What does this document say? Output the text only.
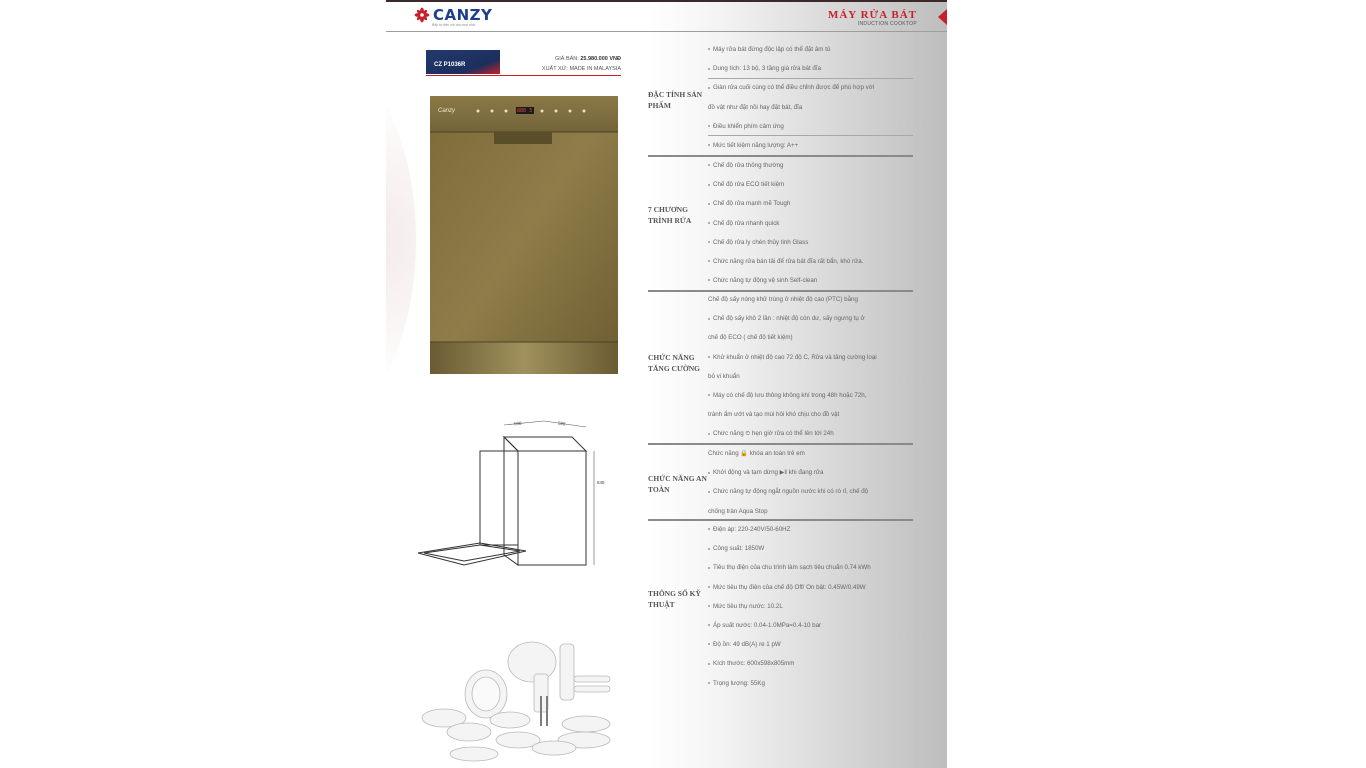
CANZY
Bếp từ tiện ích cho mọi nhà
MÁY RỬA BÁT
INDUCTION COOKTOP
CZ P1036R
GIÁ BÁN: 25.980.000 VNĐ
XUẤT XỨ: MADE IN MALAYSIA
Canzy	888 3
598	598
845
ĐẶC TÍNH SẢN PHẨM
Máy rửa bát đứng độc lập có thể đặt âm tủ
Dung tích: 13 bộ, 3 tầng giá rửa bát đĩa
Giàn rửa cuối cùng có thể điều chỉnh được để phù hợp với
đồ vật như đặt nồi hay đặt bát, đĩa
Điều khiển phím cảm ứng
Mức tiết kiệm năng lượng: A++
7 CHƯƠNG TRÌNH RỬA
Chế độ rửa thông thường
Chế độ rửa ECO tiết kiệm
Chế độ rửa mạnh mẽ Tough
Chế độ rửa nhanh quick
Chế độ rửa ly chén thủy tinh Glass
Chức năng rửa bán tải để rửa bát đĩa rất bẩn, khó rửa.
Chức năng tự động vệ sinh Self-clean
CHỨC NĂNG TĂNG CƯỜNG
Chế độ sấy nóng khử trùng ở nhiệt độ cao (PTC) bằng
Chế độ sấy khô 2 lần : nhiệt độ còn dư, sấy ngưng tụ ở
chế độ ECO ( chế độ tiết kiệm)
Khử khuẩn ở nhiệt độ cao 72 độ C, Rửa và tăng cường loại
bỏ vi khuẩn
Máy có chế độ lưu thông không khí trong 48h hoặc 72h,
tránh ẩm ướt và tạo mùi hôi khó chịu cho đồ vật
Chức năng ⏲ hẹn giờ rửa có thể lên tới 24h
CHỨC NĂNG AN TOÀN
Chức năng 🔒 khóa an toàn trẻ em
Khởi động và tạm dừng ▶‖ khi đang rửa
Chức năng tự động ngắt nguồn nước khi có rò rỉ, chế độ
chống tràn Aqua Stop
THÔNG SỐ KỸ THUẬT
Điện áp: 220-240V/50-60HZ
Công suất: 1850W
Tiêu thụ điện của chu trình làm sạch tiêu chuẩn 0.74 kWh
Mức tiêu thụ điện của chế độ Off/ On bật: 0.45W/0.49W
Mức tiêu thụ nước: 10.2L
Áp suất nước: 0.04-1.0MPa=0.4-10 bar
Độ ồn: 49 dB(A) re 1 pW
Kích thước: 600x598x805mm
Trọng lượng: 55Kg
